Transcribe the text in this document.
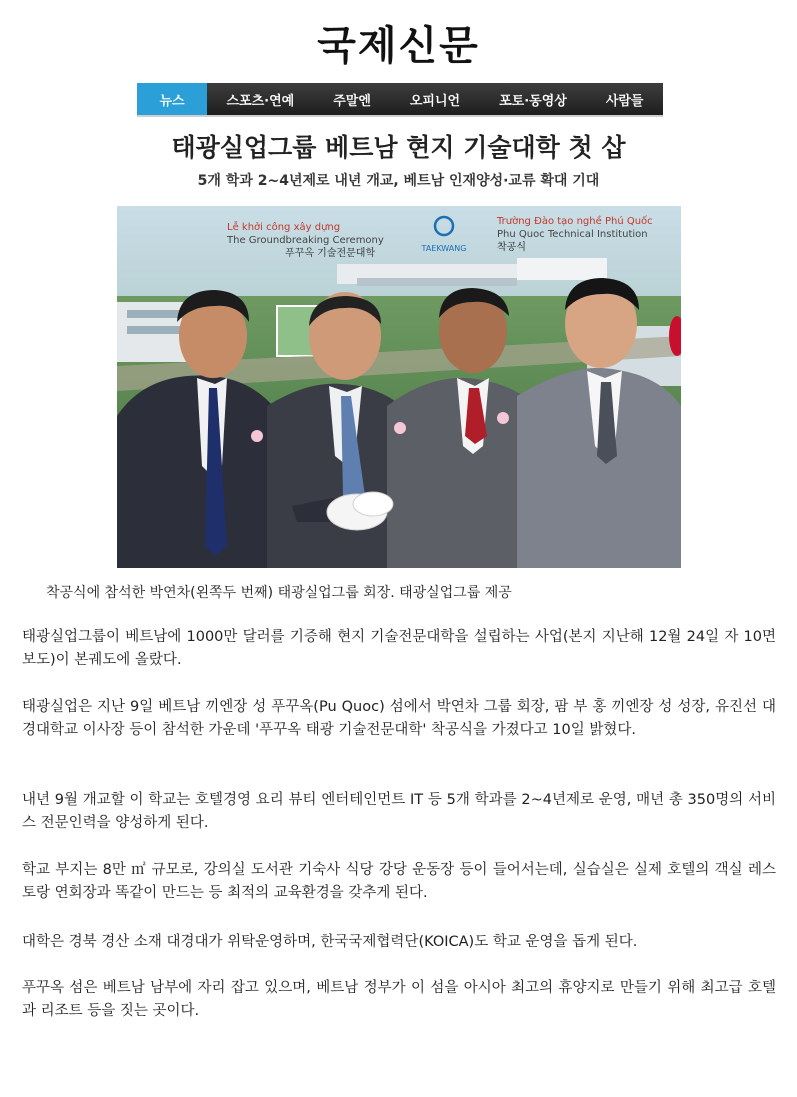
국제신문
뉴스	스포츠·연예	주말엔	오피니언	포토·동영상	사람들
태광실업그룹 베트남 현지 기술대학 첫 삽
5개 학과 2~4년제로 내년 개교, 베트남 인재양성·교류 확대 기대
Lễ khởi công xây dựng
The Groundbreaking Ceremony
푸꾸옥 기술전문대학	TAEKWANG
Trường Đào tạo nghề Phú Quốc
Phu Quoc Technical Institution
착공식
착공식에 참석한 박연차(왼쪽두 번째) 태광실업그룹 회장. 태광실업그룹 제공

태광실업그룹이 베트남에 1000만 달러를 기증해 현지 기술전문대학을 설립하는 사업(본지 지난해 12월 24일 자 10면 보도)이 본궤도에 올랐다.

태광실업은 지난 9일 베트남 끼엔장 성 푸꾸옥(Pu Quoc) 섬에서 박연차 그룹 회장, 팜 부 홍 끼엔장 성 성장, 유진선 대경대학교 이사장 등이 참석한 가운데 '푸꾸옥 태광 기술전문대학' 착공식을 가졌다고 10일 밝혔다.

내년 9월 개교할 이 학교는 호텔경영 요리 뷰티 엔터테인먼트 IT 등 5개 학과를 2~4년제로 운영, 매년 총 350명의 서비스 전문인력을 양성하게 된다.

학교 부지는 8만 ㎡ 규모로, 강의실 도서관 기숙사 식당 강당 운동장 등이 들어서는데, 실습실은 실제 호텔의 객실 레스토랑 연회장과 똑같이 만드는 등 최적의 교육환경을 갖추게 된다.

대학은 경북 경산 소재 대경대가 위탁운영하며, 한국국제협력단(KOICA)도 학교 운영을 돕게 된다.

푸꾸옥 섬은 베트남 남부에 자리 잡고 있으며, 베트남 정부가 이 섬을 아시아 최고의 휴양지로 만들기 위해 최고급 호텔과 리조트 등을 짓는 곳이다.
